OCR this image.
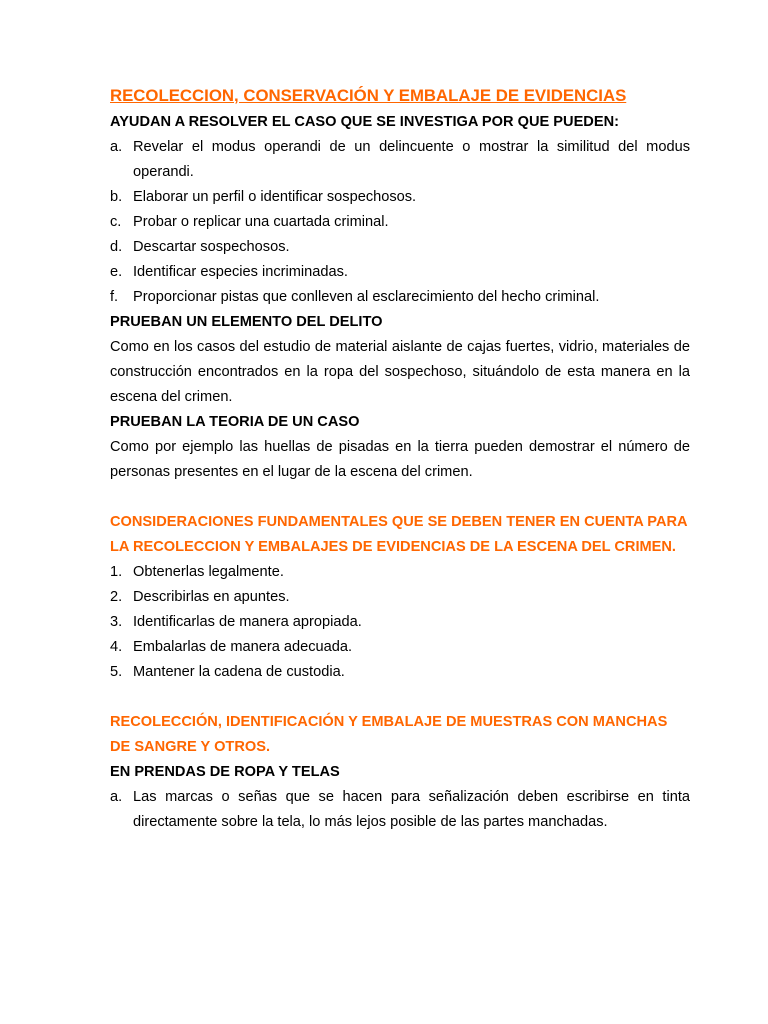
RECOLECCION, CONSERVACIÓN Y EMBALAJE DE EVIDENCIAS

AYUDAN A RESOLVER EL CASO QUE SE INVESTIGA POR QUE PUEDEN:

a. Revelar el modus operandi de un delincuente o mostrar la similitud del modus operandi.
b. Elaborar un perfil o identificar sospechosos.
c. Probar o replicar una cuartada criminal.
d. Descartar sospechosos.
e. Identificar especies incriminadas.
f. Proporcionar pistas que conlleven al esclarecimiento del hecho criminal.

PRUEBAN UN ELEMENTO DEL DELITO

Como en los casos del estudio de material aislante de cajas fuertes, vidrio, materiales de construcción encontrados en la ropa del sospechoso, situándolo de esta manera en la escena del crimen.

PRUEBAN LA TEORIA DE UN CASO

Como por ejemplo las huellas de pisadas en la tierra pueden demostrar el número de personas presentes en el lugar de la escena del crimen.

CONSIDERACIONES FUNDAMENTALES QUE SE DEBEN TENER EN CUENTA PARA LA RECOLECCION Y EMBALAJES DE EVIDENCIAS DE LA ESCENA DEL CRIMEN.

1. Obtenerlas legalmente.
2. Describirlas en apuntes.
3. Identificarlas de manera apropiada.
4. Embalarlas de manera adecuada.
5. Mantener la cadena de custodia.

RECOLECCIÓN, IDENTIFICACIÓN Y EMBALAJE DE MUESTRAS CON MANCHAS DE SANGRE Y OTROS.

EN PRENDAS DE ROPA Y TELAS

a. Las marcas o señas que se hacen para señalización deben escribirse en tinta directamente sobre la tela, lo más lejos posible de las partes manchadas.
